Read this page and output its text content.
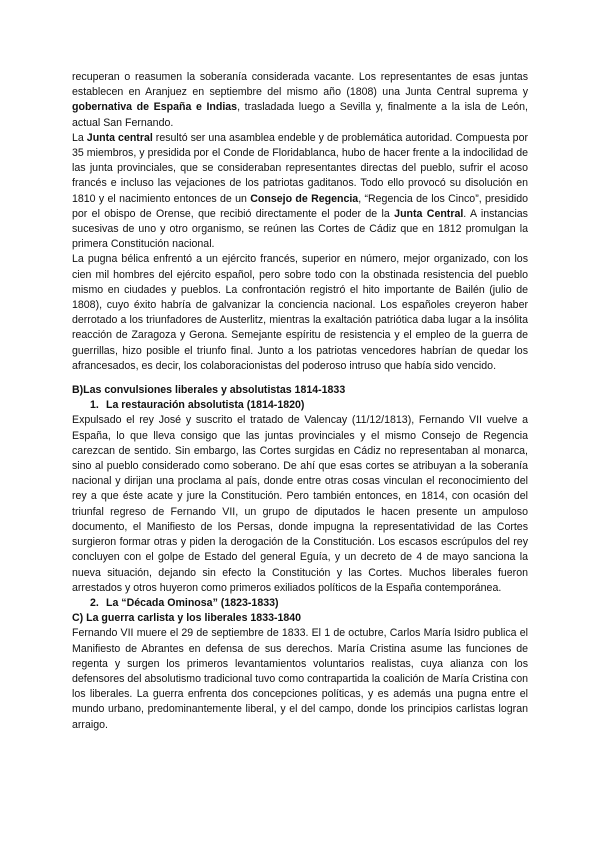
recuperan o reasumen la soberanía considerada vacante. Los representantes de esas juntas establecen en Aranjuez en septiembre del mismo año (1808) una Junta Central suprema y gobernativa de España e Indias, trasladada luego a Sevilla y, finalmente a la isla de León, actual San Fernando.

La Junta central resultó ser una asamblea endeble y de problemática autoridad. Compuesta por 35 miembros, y presidida por el Conde de Floridablanca, hubo de hacer frente a la indocilidad de las junta provinciales, que se consideraban representantes directas del pueblo, sufrir el acoso francés e incluso las vejaciones de los patriotas gaditanos. Todo ello provocó su disolución en 1810 y el nacimiento entonces de un Consejo de Regencia, “Regencia de los Cinco”, presidido por el obispo de Orense, que recibió directamente el poder de la Junta Central. A instancias sucesivas de uno y otro organismo, se reúnen las Cortes de Cádiz que en 1812 promulgan la primera Constitución nacional.

La pugna bélica enfrentó a un ejército francés, superior en número, mejor organizado, con los cien mil hombres del ejército español, pero sobre todo con la obstinada resistencia del pueblo mismo en ciudades y pueblos. La confrontación registró el hito importante de Bailén (julio de 1808), cuyo éxito habría de galvanizar la conciencia nacional. Los españoles creyeron haber derrotado a los triunfadores de Austerlitz, mientras la exaltación patriótica daba lugar a la insólita reacción de Zaragoza y Gerona. Semejante espíritu de resistencia y el empleo de la guerra de guerrillas, hizo posible el triunfo final. Junto a los patriotas vencedores habrían de quedar los afrancesados, es decir, los colaboracionistas del poderoso intruso que había sido vencido.

B)Las convulsiones liberales y absolutistas 1814-1833

1. La restauración absolutista (1814-1820)

Expulsado el rey José y suscrito el tratado de Valencay (11/12/1813), Fernando VII vuelve a España, lo que lleva consigo que las juntas provinciales y el mismo Consejo de Regencia carezcan de sentido. Sin embargo, las Cortes surgidas en Cádiz no representaban al monarca, sino al pueblo considerado como soberano. De ahí que esas cortes se atribuyan a la soberanía nacional y dirijan una proclama al país, donde entre otras cosas vinculan el reconocimiento del rey a que éste acate y jure la Constitución. Pero también entonces, en 1814, con ocasión del triunfal regreso de Fernando VII, un grupo de diputados le hacen presente un ampuloso documento, el Manifiesto de los Persas, donde impugna la representatividad de las Cortes surgieron formar otras y piden la derogación de la Constitución. Los escasos escrúpulos del rey concluyen con el golpe de Estado del general Eguía, y un decreto de 4 de mayo sanciona la nueva situación, dejando sin efecto la Constitución y las Cortes. Muchos liberales fueron arrestados y otros huyeron como primeros exiliados políticos de la España contemporánea.

2. La “Década Ominosa” (1823-1833)

C) La guerra carlista y los liberales 1833-1840

Fernando VII muere el 29 de septiembre de 1833. El 1 de octubre, Carlos María Isidro publica el Manifiesto de Abrantes en defensa de sus derechos. María Cristina asume las funciones de regenta y surgen los primeros levantamientos voluntarios realistas, cuya alianza con los defensores del absolutismo tradicional tuvo como contrapartida la coalición de María Cristina con los liberales. La guerra enfrenta dos concepciones políticas, y es además una pugna entre el mundo urbano, predominantemente liberal, y el del campo, donde los principios carlistas logran arraigo.
